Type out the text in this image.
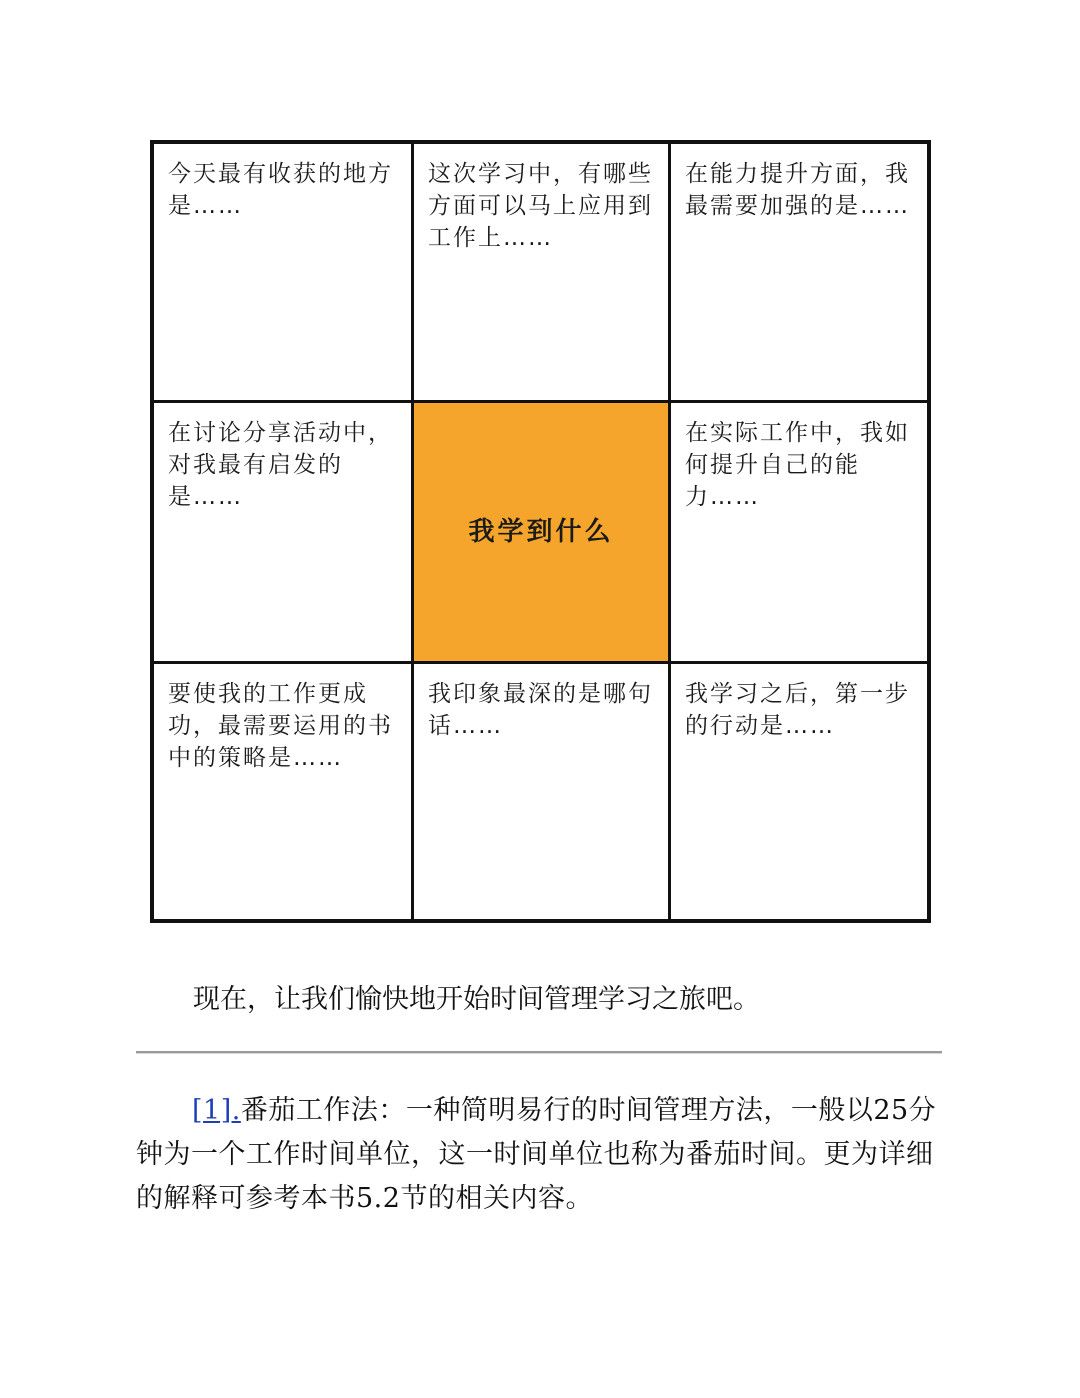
今天最有收获的地方是……
这次学习中，有哪些方面可以马上应用到工作上……
在能力提升方面，我最需要加强的是……
在讨论分享活动中，对我最有启发的是……
我学到什么
在实际工作中，我如何提升自己的能力……
要使我的工作更成功，最需要运用的书中的策略是……
我印象最深的是哪句话……
我学习之后，第一步的行动是……
现在，让我们愉快地开始时间管理学习之旅吧。
[1].番茄工作法：一种简明易行的时间管理方法，一般以25分钟为一个工作时间单位，这一时间单位也称为番茄时间。更为详细的解释可参考本书5.2节的相关内容。
